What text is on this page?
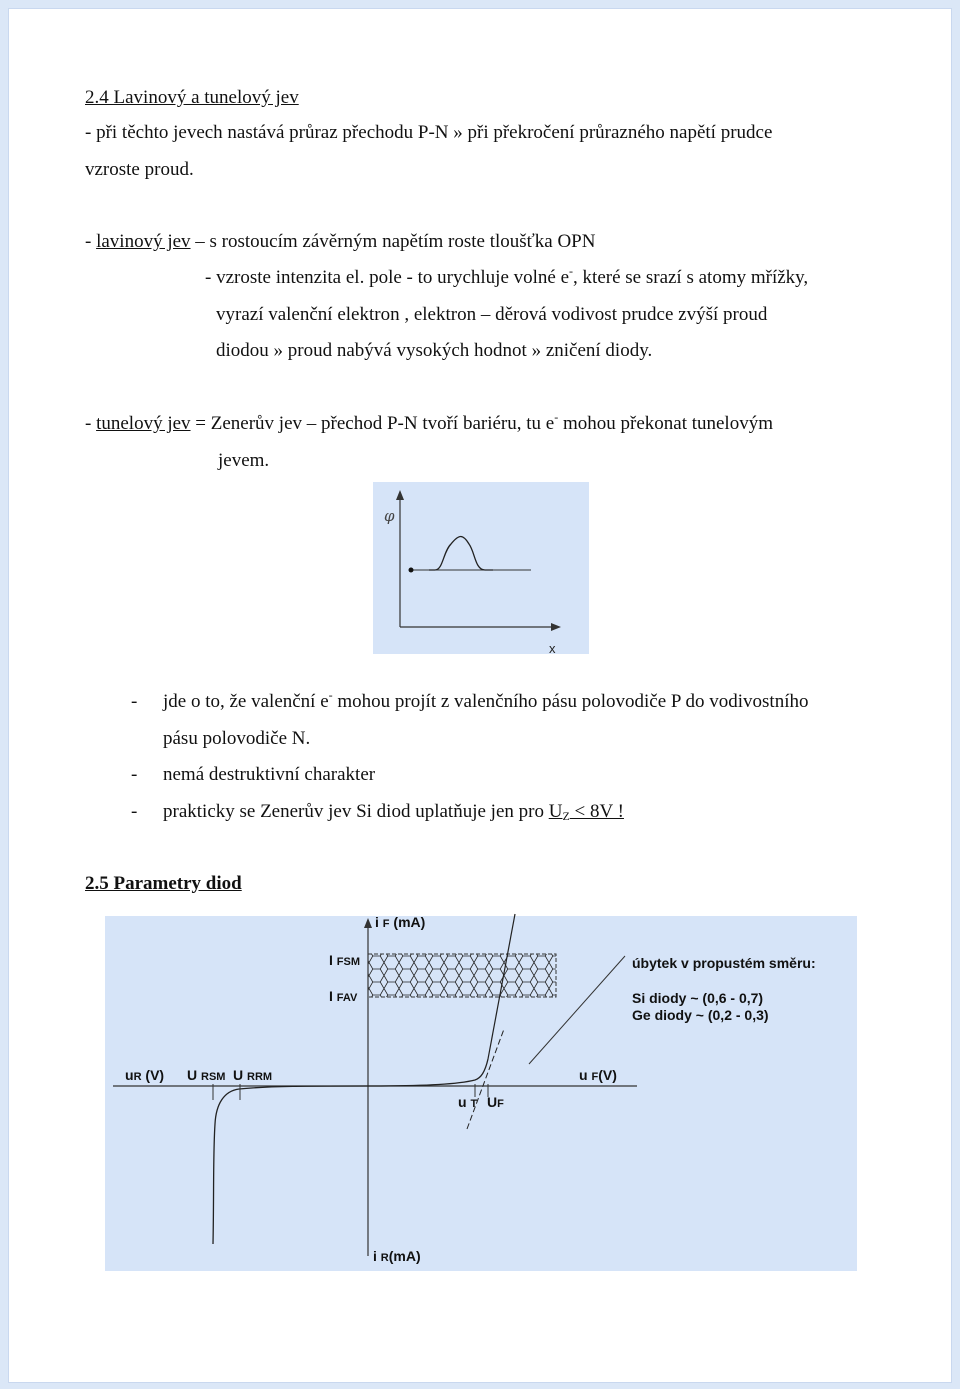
2.4 Lavinový a tunelový jev
- při těchto jevech nastává průraz přechodu P-N » při překročení průrazného napětí prudce
vzroste proud.
- lavinový jev – s rostoucím závěrným napětím roste tloušťka OPN
- vzroste intenzita el. pole - to urychluje volné e-, které se srazí s atomy mřížky,
vyrazí valenční elektron , elektron – děrová vodivost prudce zvýší proud
diodou » proud nabývá vysokých hodnot » zničení diody.
- tunelový jev = Zenerův jev – přechod P-N tvoří bariéru, tu e- mohou překonat tunelovým
jevem.
φ
x
- jde o to, že valenční e- mohou projít z valenčního pásu polovodiče P do vodivostního
pásu polovodiče N.
- nemá destruktivní charakter
- prakticky se Zenerův jev Si diod uplatňuje jen pro $U_Z < 8V$ !
2.5 Parametry diod
i F (mA)
I FSM
I FAV
uR (V) U RSM U RRM
u T UF
u F(V)
i R(mA)
úbytek v propustém směru:
Si diody ~ (0,6 - 0,7)
Ge diody ~ (0,2 - 0,3)
